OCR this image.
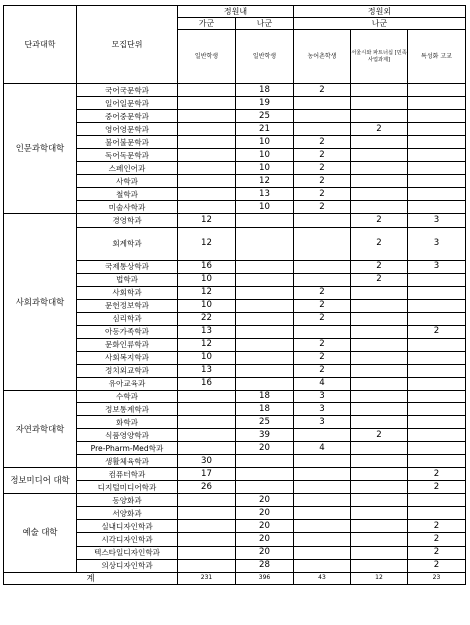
단과대학	모집단위	정원내		정원외		
		가군	나군	나군		
		일반학생	일반학생	농어촌학생	서울시와 파트너십 [민족 사업과제]	특성화 고교
인문과학대학	국어국문학과		18	2		
	일어일문학과		19			
	중어중문학과		25			
	영어영문학과		21		2	
	불어불문학과		10	2		
	독어독문학과		10	2		
	스페인어과		10	2		
	사학과		12	2		
	철학과		13	2		
	미술사학과		10	2		
사회과학대학	경영학과	12			2	3
	회계학과	12			2	3
	국제통상학과	16			2	3
	법학과	10			2	
	사회학과	12		2		
	문헌정보학과	10		2		
	심리학과	22		2		
	아동가족학과	13				2
	문화인류학과	12		2		
	사회복지학과	10		2		
	정치외교학과	13		2		
	유아교육과	16		4		
자연과학대학	수학과		18	3		
	정보통계학과		18	3		
	화학과		25	3		
	식품영양학과		39		2	
	Pre-Pharm-Med학과		20	4		
	생활체육학과	30				
정보미디어 대학	컴퓨터학과	17				2
	디지털미디어학과	26				2
예술 대학	동양화과		20			
	서양화과		20			
	실내디자인학과		20			2
	시각디자인학과		20			2
	텍스타일디자인학과		20			2
	의상디자인학과		28			2
계		231	396	43	12	23
